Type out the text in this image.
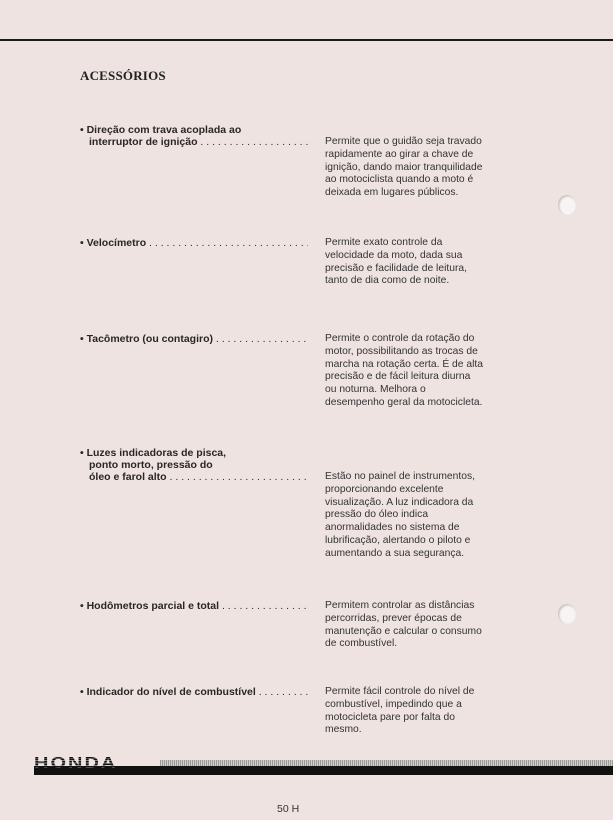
ACESSÓRIOS
• Direção com trava acoplada ao
interruptor de ignição . . .	Permite que o guidão seja travado
rapidamente ao girar a chave de
ignição, dando maior tranquilidade
ao motociclista quando a moto é
deixada em lugares públicos.
• Velocímetro . . .	Permite exato controle da
velocidade da moto, dada sua
precisão e facilidade de leitura,
tanto de dia como de noite.
• Tacômetro (ou contagiro) . . .	Permite o controle da rotação do
motor, possibilitando as trocas de
marcha na rotação certa. É de alta
precisão e de fácil leitura diurna
ou noturna. Melhora o
desempenho geral da motocicleta.
• Luzes indicadoras de pisca,
ponto morto, pressão do
óleo e farol alto . . .	Estão no painel de instrumentos,
proporcionando excelente
visualização. A luz indicadora da
pressão do óleo indica
anormalidades no sistema de
lubrificação, alertando o piloto e
aumentando a sua segurança.
• Hodômetros parcial e total . . .	Permitem controlar as distâncias
percorridas, prever épocas de
manutenção e calcular o consumo
de combustível.
• Indicador do nível de combustível . . .	Permite fácil controle do nível de
combustível, impedindo que a
motocicleta pare por falta do
mesmo.
HONDA
50 H
